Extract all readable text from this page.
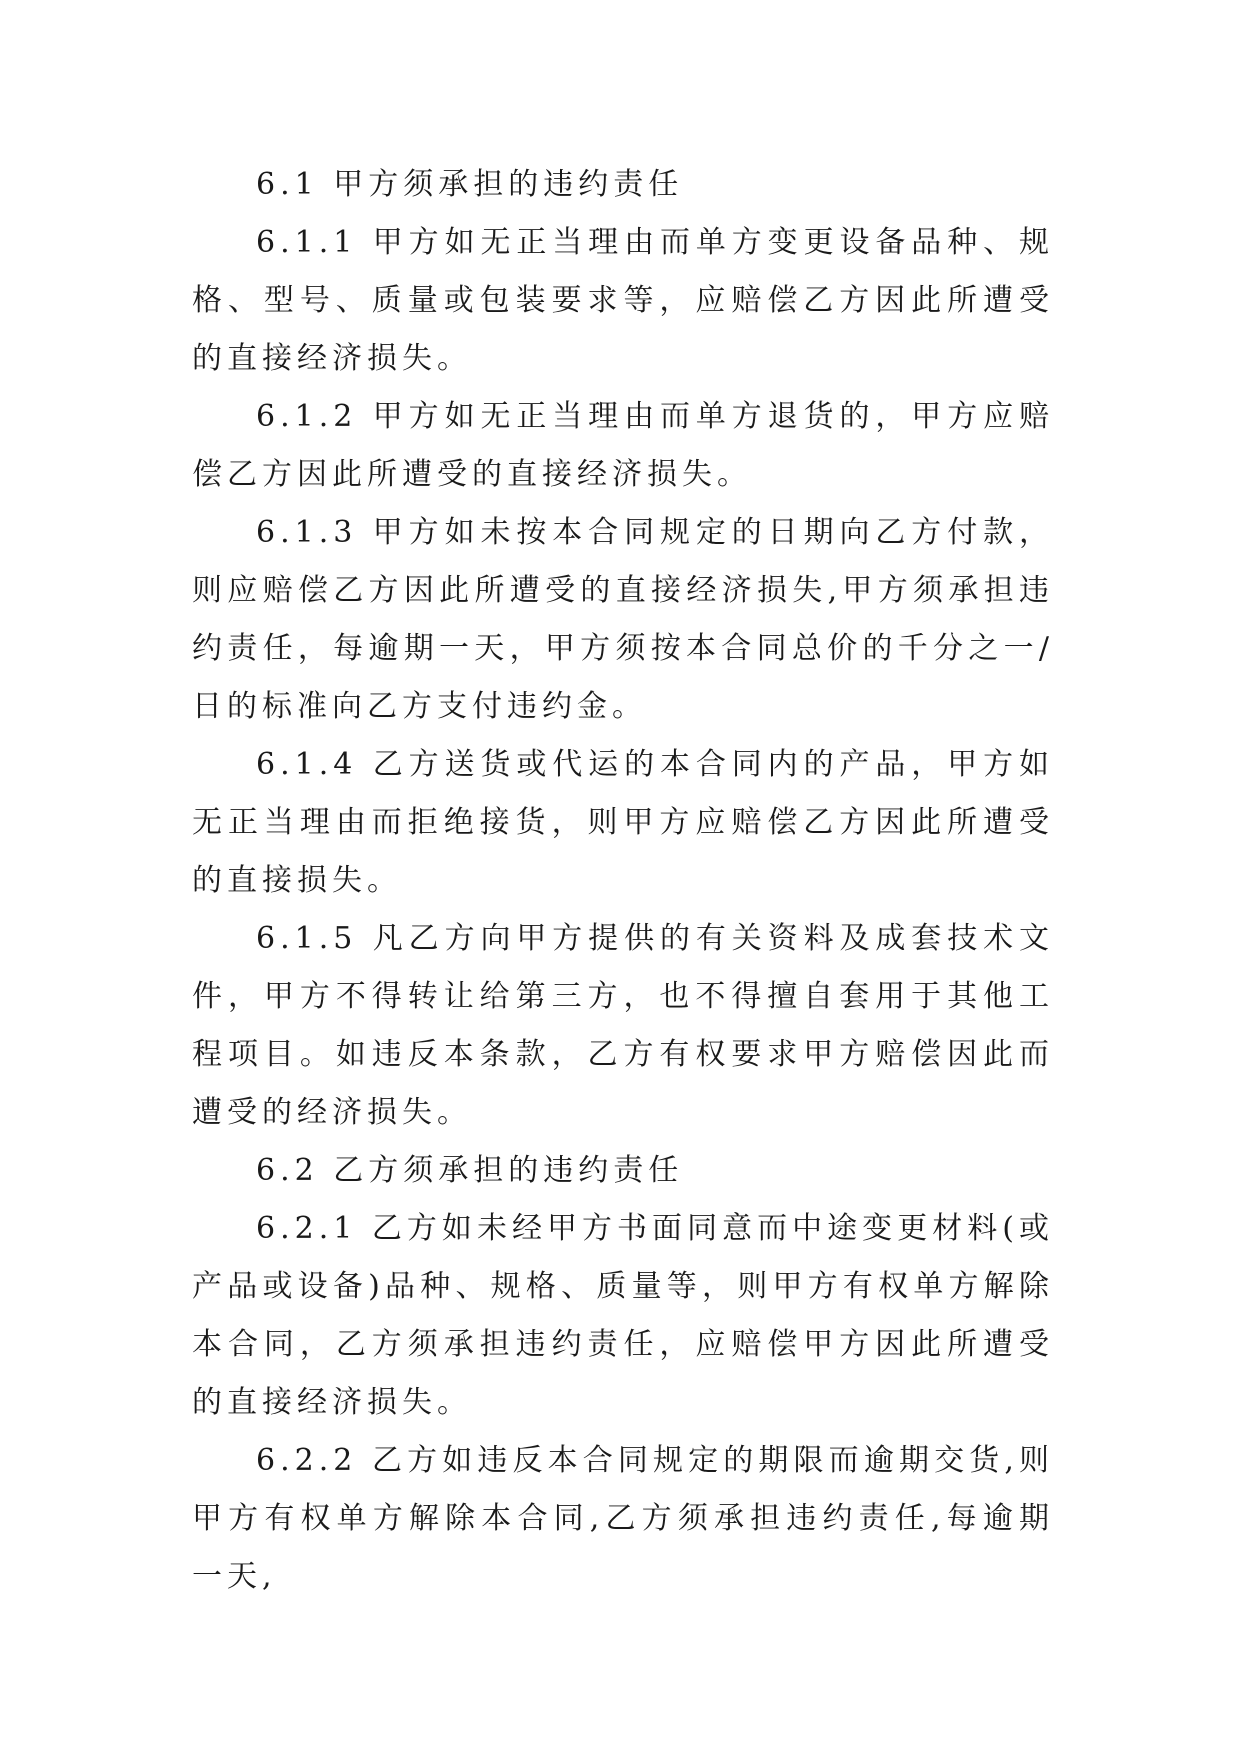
6.1 甲方须承担的违约责任

6.1.1 甲方如无正当理由而单方变更设备品种、规格、型号、质量或包装要求等，应赔偿乙方因此所遭受的直接经济损失。

6.1.2 甲方如无正当理由而单方退货的，甲方应赔偿乙方因此所遭受的直接经济损失。

6.1.3 甲方如未按本合同规定的日期向乙方付款，则应赔偿乙方因此所遭受的直接经济损失,甲方须承担违约责任，每逾期一天，甲方须按本合同总价的千分之一/日的标准向乙方支付违约金。

6.1.4 乙方送货或代运的本合同内的产品，甲方如无正当理由而拒绝接货，则甲方应赔偿乙方因此所遭受的直接损失。

6.1.5 凡乙方向甲方提供的有关资料及成套技术文件，甲方不得转让给第三方，也不得擅自套用于其他工程项目。如违反本条款，乙方有权要求甲方赔偿因此而遭受的经济损失。

6.2 乙方须承担的违约责任

6.2.1 乙方如未经甲方书面同意而中途变更材料(或产品或设备)品种、规格、质量等，则甲方有权单方解除本合同，乙方须承担违约责任，应赔偿甲方因此所遭受的直接经济损失。

6.2.2 乙方如违反本合同规定的期限而逾期交货,则甲方有权单方解除本合同,乙方须承担违约责任,每逾期一天,
